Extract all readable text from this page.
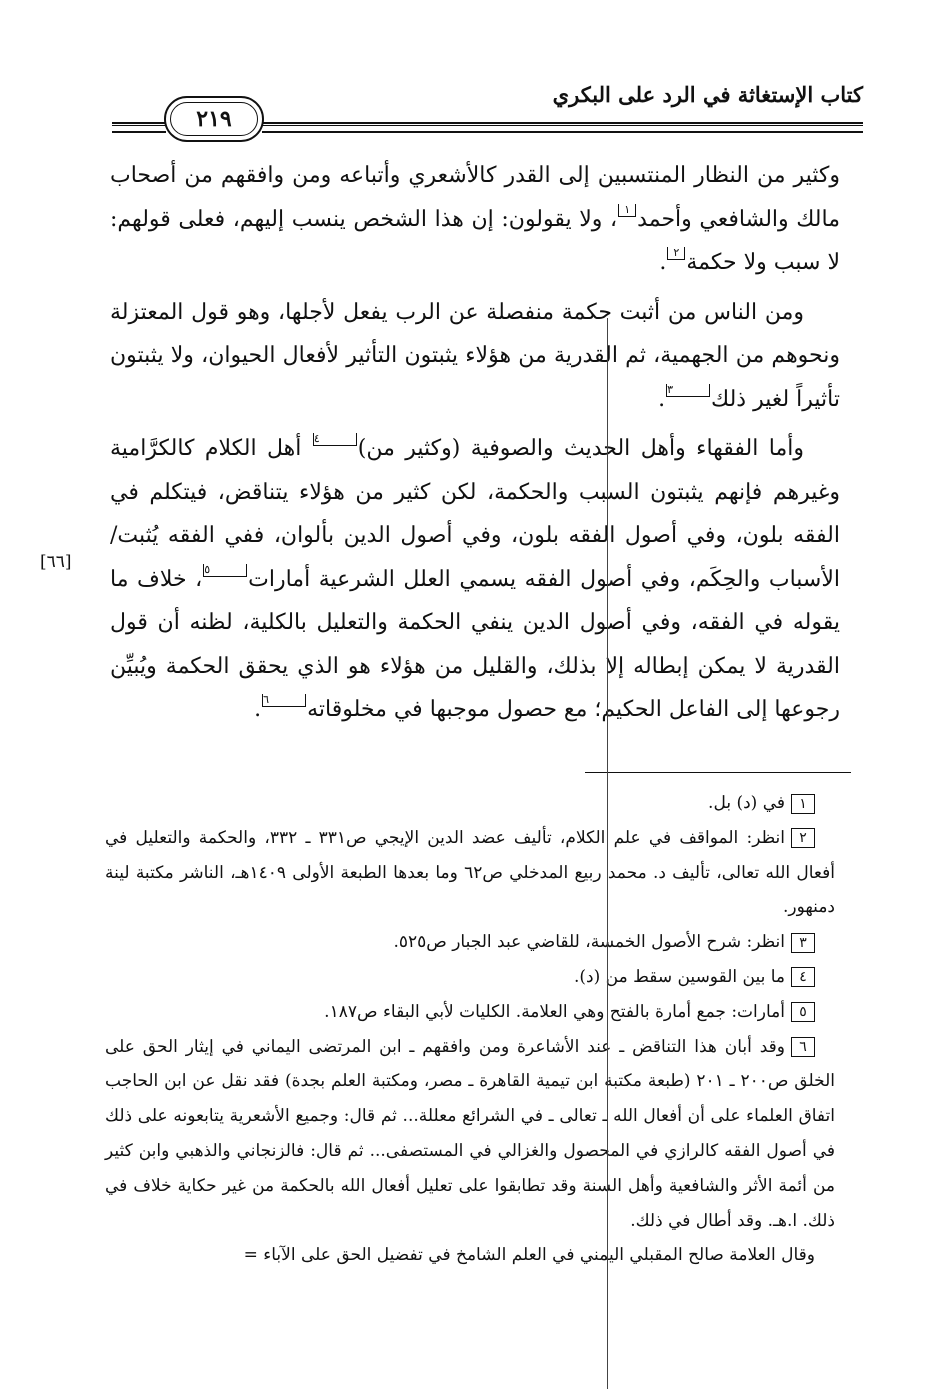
كتاب الإستغاثة في الرد على البكري
٢١٩

وكثير من النظار المنتسبين إلى القدر كالأشعري وأتباعه ومن وافقهم من أصحاب مالك والشافعي وأحمد١، ولا يقولون: إن هذا الشخص ينسب إليهم، فعلى قولهم: لا سبب ولا حكمة٢.

ومن الناس من أثبت حكمة منفصلة عن الرب يفعل لأجلها، وهو قول المعتزلة ونحوهم من الجهمية، ثم القدرية من هؤلاء يثبتون التأثير لأفعال الحيوان، ولا يثبتون تأثيراً لغير ذلك٣.

وأما الفقهاء وأهل الحديث والصوفية (وكثير من)٤ أهل الكلام كالكرَّامية وغيرهم فإنهم يثبتون السبب والحكمة، لكن كثير من هؤلاء يتناقض، فيتكلم في الفقه بلون، وفي أصول الفقه بلون، وفي أصول الدين بألوان، ففي الفقه يُثبت/ الأسباب والحِكَم، وفي أصول الفقه يسمي العلل الشرعية أمارات٥، خلاف ما يقوله في الفقه، وفي أصول الدين ينفي الحكمة والتعليل بالكلية، لظنه أن قول القدرية لا يمكن إبطاله إلا بذلك، والقليل من هؤلاء هو الذي يحقق الحكمة ويُبيِّن رجوعها إلى الفاعل الحكيم؛ مع حصول موجبها في مخلوقاته٦.

[٦٦]

١في (د) بل.

٢انظر: المواقف في علم الكلام، تأليف عضد الدين الإيجي ص٣٣١ ـ ٣٣٢، والحكمة والتعليل في أفعال الله تعالى، تأليف د. محمد ربيع المدخلي ص٦٢ وما بعدها الطبعة الأولى ١٤٠٩هـ، الناشر مكتبة لينة دمنهور.

٣انظر: شرح الأصول الخمسة، للقاضي عبد الجبار ص٥٢٥.

٤ما بين القوسين سقط من (د).

٥أمارات: جمع أمارة بالفتح وهي العلامة. الكليات لأبي البقاء ص١٨٧.

٦وقد أبان هذا التناقض ـ عند الأشاعرة ومن وافقهم ـ ابن المرتضى اليماني في إيثار الحق على الخلق ص٢٠٠ ـ ٢٠١ (طبعة مكتبة ابن تيمية القاهرة ـ مصر، ومكتبة العلم بجدة) فقد نقل عن ابن الحاجب اتفاق العلماء على أن أفعال الله ـ تعالى ـ في الشرائع معللة... ثم قال: وجميع الأشعرية يتابعونه على ذلك في أصول الفقه كالرازي في المحصول والغزالي في المستصفى... ثم قال: فالزنجاني والذهبي وابن كثير من أئمة الأثر والشافعية وأهل السنة وقد تطابقوا على تعليل أفعال الله بالحكمة من غير حكاية خلاف في ذلك. ا.هـ. وقد أطال في ذلك.

وقال العلامة صالح المقبلي اليمني في العلم الشامخ في تفضيل الحق على الآباء =
